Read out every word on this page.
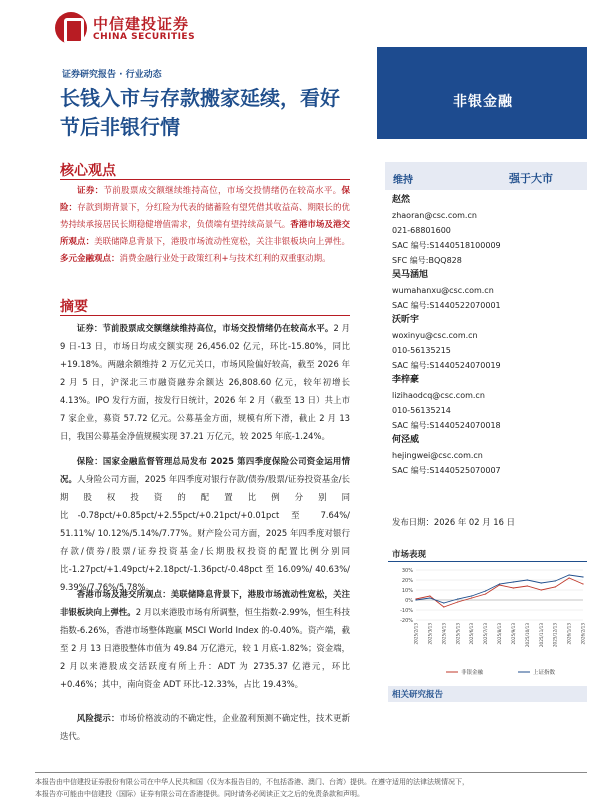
中信建投证券
CHINA SECURITIES
证券研究报告 · 行业动态
长钱入市与存款搬家延续，看好
节后非银行情
非银金融
核心观点
证券：节前股票成交额继续维持高位，市场交投情绪仍在较高水平。保险：存款到期背景下，分红险为代表的储蓄险有望凭借其收益高、期限长的优势持续承接居民长期稳健增值需求，负债端有望持续高景气。香港市场及港交所观点：美联储降息背景下，港股市场流动性宽松，关注非银板块向上弹性。多元金融观点：消费金融行业处于政策红利+与技术红利的双重驱动期。
摘要
证券：节前股票成交额继续维持高位，市场交投情绪仍在较高水平。2 月 9 日-13 日，市场日均成交额实现 26,456.02 亿元，环比-15.80%，同比+19.18%。两融余额维持 2 万亿元关口，市场风险偏好较高，截至 2026 年 2 月 5 日，沪深北三市融资融券余额达 26,808.60 亿元，较年初增长 4.13%。IPO 发行方面，按发行日统计，2026 年 2 月（截至 13 日）共上市 7 家企业，募资 57.72 亿元。公募基金方面，规模有所下滑，截止 2 月 13 日，我国公募基金净值规模实现 37.21 万亿元，较 2025 年底-1.24%。
保险：国家金融监督管理总局发布 2025 第四季度保险公司资金运用情况。人身险公司方面，2025 年四季度对银行存款/债券/股票/证券投资基金/长期股权投资的配置比例分别同比-0.78pct/+0.85pct/+2.55pct/+0.21pct/+0.01pct 至 7.64%/ 51.11%/ 10.12%/5.14%/7.77%。财产险公司方面，2025 年四季度对银行存款/债券/股票/证券投资基金/长期股权投资的配置比例分别同比-1.27pct/+1.49pct/+2.18pct/-1.36pct/-0.48pct 至 16.09%/ 40.63%/ 9.39%/7.76%/5.78%。
香港市场及港交所观点：美联储降息背景下，港股市场流动性宽松，关注非银板块向上弹性。2 月以来港股市场有所调整，恒生指数-2.99%，恒生科技指数-6.26%，香港市场整体跑赢 MSCI World Index 的-0.40%。资产端，截至 2 月 13 日港股整体市值为 49.84 万亿港元，较 1 月底-1.82%；资金端，2 月以来港股成交活跃度有所上升：ADT 为 2735.37 亿港元，环比+0.46%；其中，南向资金 ADT 环比-12.33%，占比 19.43%。
风险提示：市场价格波动的不确定性，企业盈利预测不确定性，技术更新迭代。
维持	强于大市
赵然
zhaoran@csc.com.cn
021-68801600
SAC 编号:S1440518100009
SFC 编号:BQQ828
吴马涵旭
wumahanxu@csc.com.cn
SAC 编号:S1440522070001
沃昕宇
woxinyu@csc.com.cn
010-56135215
SAC 编号:S1440524070019
李梓豪
lizihaodcq@csc.com.cn
010-56135214
SAC 编号:S1440524070018
何泾威
hejingwei@csc.com.cn
SAC 编号:S1440525070007
发布日期：2026 年 02 月 16 日
市场表现
30%
20%
10%
0%
-10%
-20%
2025/2/13 2025/3/13 2025/4/13 2025/5/13 2025/6/13 2025/7/13 2025/8/13 2025/9/13 2025/10/13 2025/11/13 2025/12/13 2026/1/13 2026/2/13
非银金融	上证指数
相关研究报告
本报告由中信建投证券股份有限公司在中华人民共和国（仅为本报告目的，不包括香港、澳门、台湾）提供。在遵守适用的法律法规情况下，
本报告亦可能由中信建投（国际）证券有限公司在香港提供。同时请务必阅读正文之后的免责条款和声明。
